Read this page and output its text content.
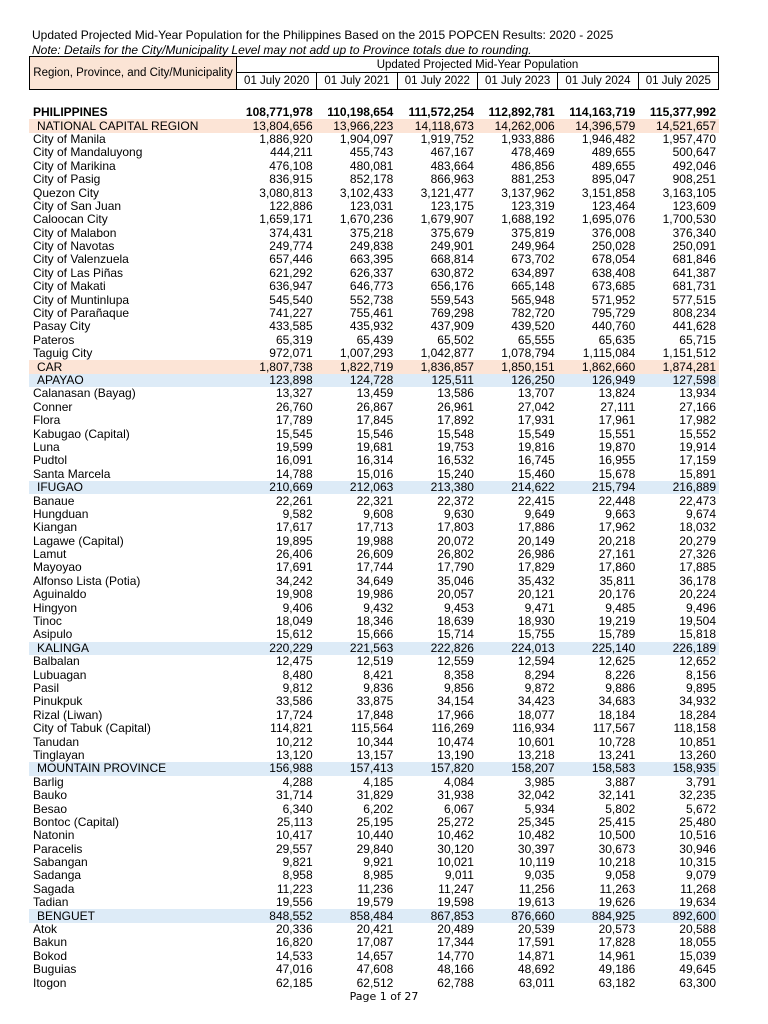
Updated Projected Mid-Year Population for the Philippines Based on the 2015 POPCEN Results: 2020 - 2025
Note: Details for the City/Municipality Level may not add up to Province totals due to rounding.
Region, Province, and City/Municipality	Updated Projected Mid-Year Population					
	01 July 2020	01 July 2021	01 July 2022	01 July 2023	01 July 2024	01 July 2025
PHILIPPINES	108,771,978	110,198,654	111,572,254	112,892,781	114,163,719	115,377,992
NATIONAL CAPITAL REGION	13,804,656	13,966,223	14,118,673	14,262,006	14,396,579	14,521,657
City of Manila	1,886,920	1,904,097	1,919,752	1,933,886	1,946,482	1,957,470
City of Mandaluyong	444,211	455,743	467,167	478,469	489,655	500,647
City of Marikina	476,108	480,081	483,664	486,856	489,655	492,046
City of Pasig	836,915	852,178	866,963	881,253	895,047	908,251
Quezon City	3,080,813	3,102,433	3,121,477	3,137,962	3,151,858	3,163,105
City of San Juan	122,886	123,031	123,175	123,319	123,464	123,609
Caloocan City	1,659,171	1,670,236	1,679,907	1,688,192	1,695,076	1,700,530
City of Malabon	374,431	375,218	375,679	375,819	376,008	376,340
City of Navotas	249,774	249,838	249,901	249,964	250,028	250,091
City of Valenzuela	657,446	663,395	668,814	673,702	678,054	681,846
City of Las Piñas	621,292	626,337	630,872	634,897	638,408	641,387
City of Makati	636,947	646,773	656,176	665,148	673,685	681,731
City of Muntinlupa	545,540	552,738	559,543	565,948	571,952	577,515
City of Parañaque	741,227	755,461	769,298	782,720	795,729	808,234
Pasay City	433,585	435,932	437,909	439,520	440,760	441,628
Pateros	65,319	65,439	65,502	65,555	65,635	65,715
Taguig City	972,071	1,007,293	1,042,877	1,078,794	1,115,084	1,151,512
CAR	1,807,738	1,822,719	1,836,857	1,850,151	1,862,660	1,874,281
APAYAO	123,898	124,728	125,511	126,250	126,949	127,598
Calanasan (Bayag)	13,327	13,459	13,586	13,707	13,824	13,934
Conner	26,760	26,867	26,961	27,042	27,111	27,166
Flora	17,789	17,845	17,892	17,931	17,961	17,982
Kabugao (Capital)	15,545	15,546	15,548	15,549	15,551	15,552
Luna	19,599	19,681	19,753	19,816	19,870	19,914
Pudtol	16,091	16,314	16,532	16,745	16,955	17,159
Santa Marcela	14,788	15,016	15,240	15,460	15,678	15,891
IFUGAO	210,669	212,063	213,380	214,622	215,794	216,889
Banaue	22,261	22,321	22,372	22,415	22,448	22,473
Hungduan	9,582	9,608	9,630	9,649	9,663	9,674
Kiangan	17,617	17,713	17,803	17,886	17,962	18,032
Lagawe (Capital)	19,895	19,988	20,072	20,149	20,218	20,279
Lamut	26,406	26,609	26,802	26,986	27,161	27,326
Mayoyao	17,691	17,744	17,790	17,829	17,860	17,885
Alfonso Lista (Potia)	34,242	34,649	35,046	35,432	35,811	36,178
Aguinaldo	19,908	19,986	20,057	20,121	20,176	20,224
Hingyon	9,406	9,432	9,453	9,471	9,485	9,496
Tinoc	18,049	18,346	18,639	18,930	19,219	19,504
Asipulo	15,612	15,666	15,714	15,755	15,789	15,818
KALINGA	220,229	221,563	222,826	224,013	225,140	226,189
Balbalan	12,475	12,519	12,559	12,594	12,625	12,652
Lubuagan	8,480	8,421	8,358	8,294	8,226	8,156
Pasil	9,812	9,836	9,856	9,872	9,886	9,895
Pinukpuk	33,586	33,875	34,154	34,423	34,683	34,932
Rizal (Liwan)	17,724	17,848	17,966	18,077	18,184	18,284
City of Tabuk (Capital)	114,821	115,564	116,269	116,934	117,567	118,158
Tanudan	10,212	10,344	10,474	10,601	10,728	10,851
Tinglayan	13,120	13,157	13,190	13,218	13,241	13,260
MOUNTAIN PROVINCE	156,988	157,413	157,820	158,207	158,583	158,935
Barlig	4,288	4,185	4,084	3,985	3,887	3,791
Bauko	31,714	31,829	31,938	32,042	32,141	32,235
Besao	6,340	6,202	6,067	5,934	5,802	5,672
Bontoc (Capital)	25,113	25,195	25,272	25,345	25,415	25,480
Natonin	10,417	10,440	10,462	10,482	10,500	10,516
Paracelis	29,557	29,840	30,120	30,397	30,673	30,946
Sabangan	9,821	9,921	10,021	10,119	10,218	10,315
Sadanga	8,958	8,985	9,011	9,035	9,058	9,079
Sagada	11,223	11,236	11,247	11,256	11,263	11,268
Tadian	19,556	19,579	19,598	19,613	19,626	19,634
BENGUET	848,552	858,484	867,853	876,660	884,925	892,600
Atok	20,336	20,421	20,489	20,539	20,573	20,588
Bakun	16,820	17,087	17,344	17,591	17,828	18,055
Bokod	14,533	14,657	14,770	14,871	14,961	15,039
Buguias	47,016	47,608	48,166	48,692	49,186	49,645
Itogon	62,185	62,512	62,788	63,011	63,182	63,300
Page 1 of 27
